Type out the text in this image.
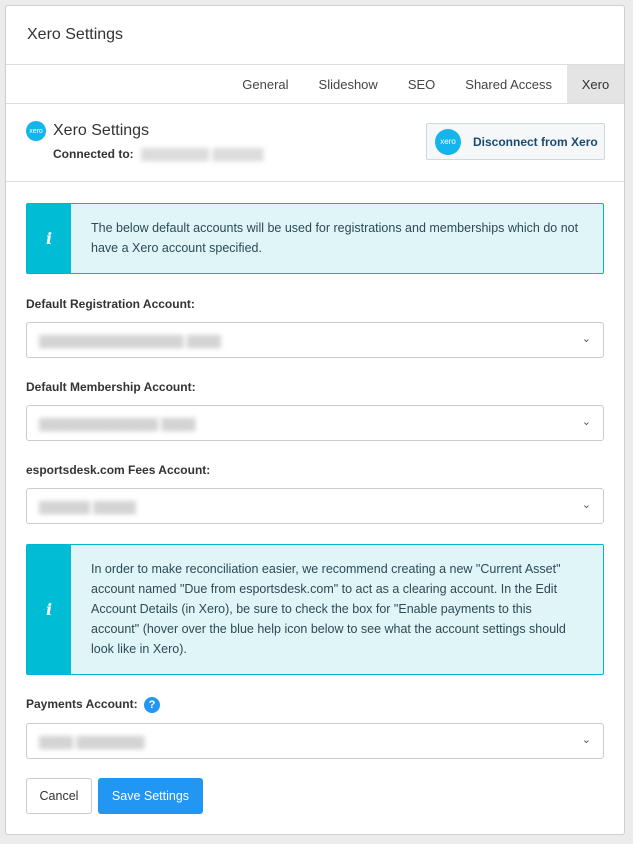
Xero Settings
General	Slideshow	SEO	Shared Access	Xero
xero Xero Settings
Connected to: ▒▒▒▒▒▒▒▒ ▒▒▒▒▒▒
xero	Disconnect from Xero
i
The below default accounts will be used for registrations and memberships which do not have a Xero account specified.
Default Registration Account:
▒▒▒▒▒▒▒▒▒▒▒▒▒▒▒▒▒ ▒▒▒▒	⌄
Default Membership Account:
▒▒▒▒▒▒▒▒▒▒▒▒▒▒ ▒▒▒▒	⌄
esportsdesk.com Fees Account:
▒▒▒▒▒▒ ▒▒▒▒▒	⌄
i
In order to make reconciliation easier, we recommend creating a new "Current Asset" account named "Due from esportsdesk.com" to act as a clearing account. In the Edit Account Details (in Xero), be sure to check the box for "Enable payments to this account" (hover over the blue help icon below to see what the account settings should look like in Xero).
Payments Account: ?
▒▒▒▒ ▒▒▒▒▒▒▒▒	⌄
Cancel	Save Settings
